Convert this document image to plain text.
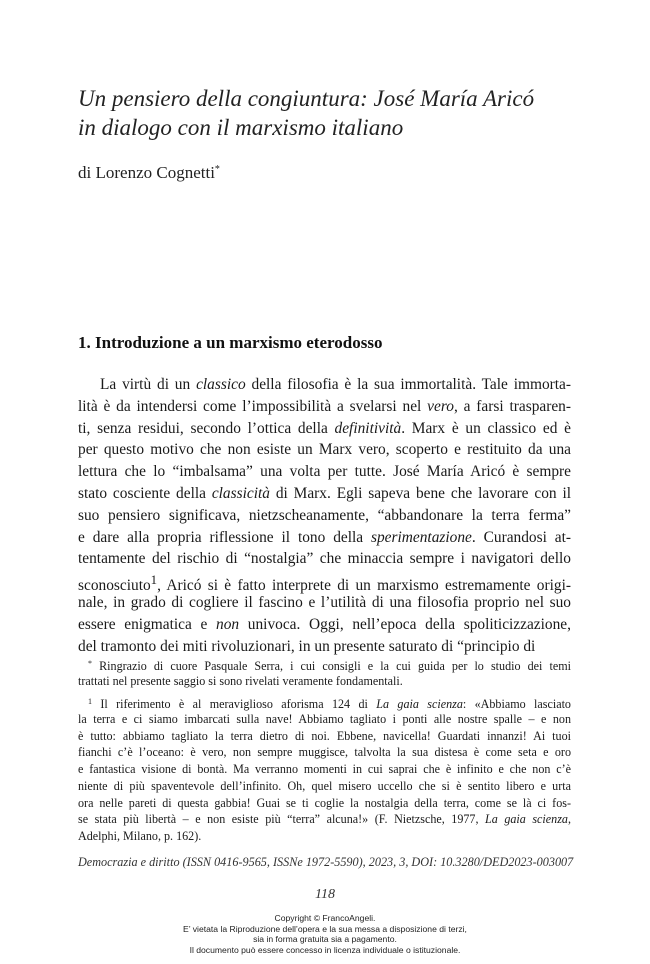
Un pensiero della congiuntura: José María Aricó
in dialogo con il marxismo italiano
di Lorenzo Cognetti*
1. Introduzione a un marxismo eterodosso
La virtù di un classico della filosofia è la sua immortalità. Tale immorta-
lità è da intendersi come l’impossibilità a svelarsi nel vero, a farsi trasparen-
ti, senza residui, secondo l’ottica della definitività. Marx è un classico ed è
per questo motivo che non esiste un Marx vero, scoperto e restituito da una
lettura che lo “imbalsama” una volta per tutte. José María Aricó è sempre
stato cosciente della classicità di Marx. Egli sapeva bene che lavorare con il
suo pensiero significava, nietzscheanamente, “abbandonare la terra ferma”
e dare alla propria riflessione il tono della sperimentazione. Curandosi at-
tentamente del rischio di “nostalgia” che minaccia sempre i navigatori dello
sconosciuto$^1$, Aricó si è fatto interprete di un marxismo estremamente origi-
nale, in grado di cogliere il fascino e l’utilità di una filosofia proprio nel suo
essere enigmatica e non univoca. Oggi, nell’epoca della spoliticizzazione,
del tramonto dei miti rivoluzionari, in un presente saturato di “principio di
* Ringrazio di cuore Pasquale Serra, i cui consigli e la cui guida per lo studio dei temi
trattati nel presente saggio si sono rivelati veramente fondamentali.
$^1$ Il riferimento è al meraviglioso aforisma 124 di La gaia scienza: «Abbiamo lasciato
la terra e ci siamo imbarcati sulla nave! Abbiamo tagliato i ponti alle nostre spalle – e non
è tutto: abbiamo tagliato la terra dietro di noi. Ebbene, navicella! Guardati innanzi! Ai tuoi
fianchi c’è l’oceano: è vero, non sempre muggisce, talvolta la sua distesa è come seta e oro
e fantastica visione di bontà. Ma verranno momenti in cui saprai che è infinito e che non c’è
niente di più spaventevole dell’infinito. Oh, quel misero uccello che si è sentito libero e urta
ora nelle pareti di questa gabbia! Guai se ti coglie la nostalgia della terra, come se là ci fos-
se stata più libertà – e non esiste più “terra” alcuna!» (F. Nietzsche, 1977, La gaia scienza,
Adelphi, Milano, p. 162).
Democrazia e diritto (ISSN 0416-9565, ISSNe 1972-5590), 2023, 3, DOI: 10.3280/DED2023-003007
118
Copyright © FrancoAngeli.
E’ vietata la Riproduzione dell’opera e la sua messa a disposizione di terzi,
sia in forma gratuita sia a pagamento.
Il documento può essere concesso in licenza individuale o istituzionale.
